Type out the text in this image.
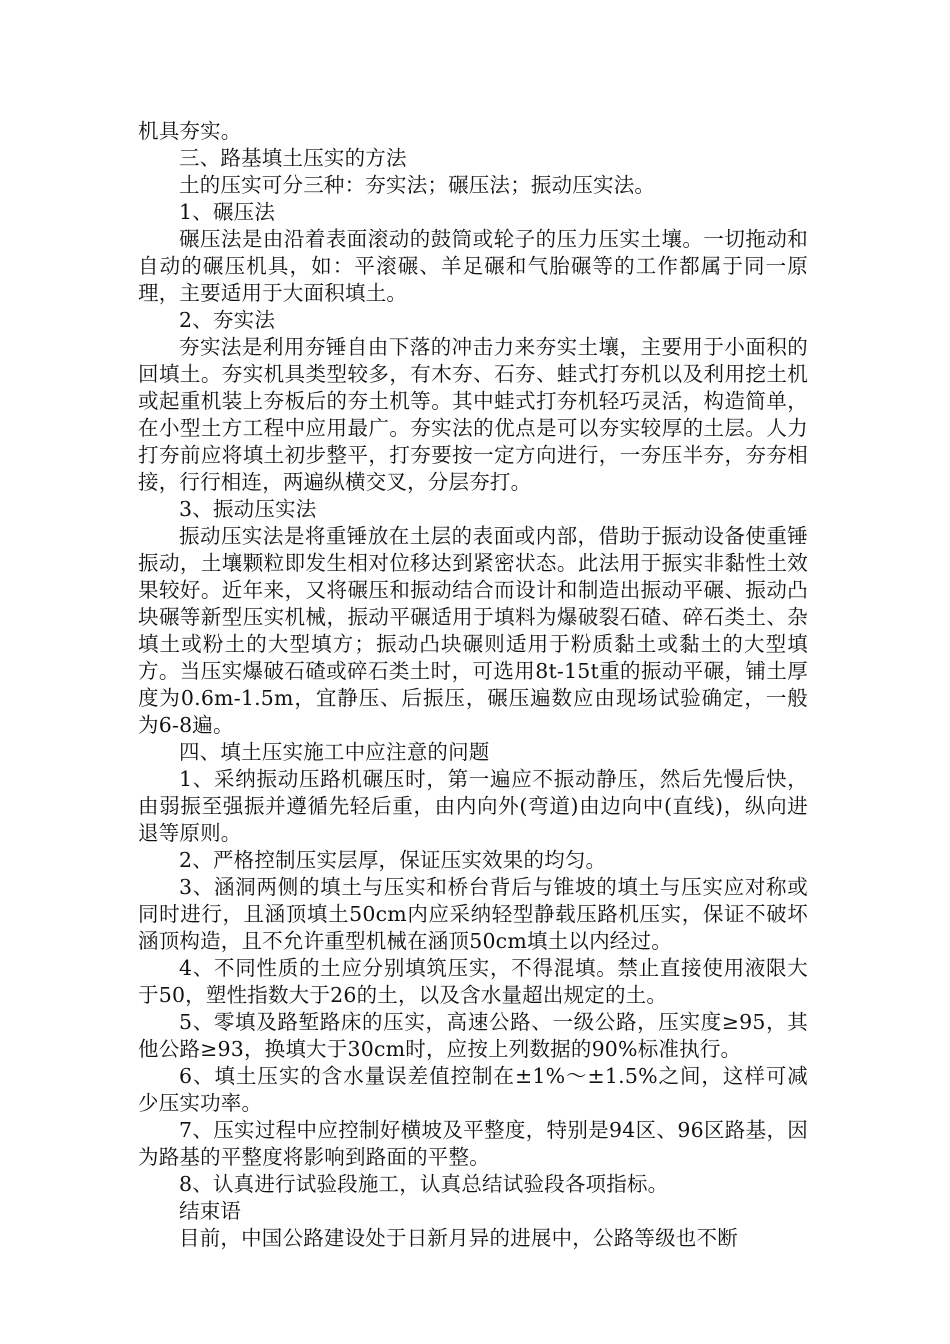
机具夯实。

三、路基填土压实的方法

土的压实可分三种：夯实法；碾压法；振动压实法。

1、碾压法

碾压法是由沿着表面滚动的鼓筒或轮子的压力压实土壤。一切拖动和自动的碾压机具，如：平滚碾、羊足碾和气胎碾等的工作都属于同一原理，主要适用于大面积填土。

2、夯实法

夯实法是利用夯锤自由下落的冲击力来夯实土壤，主要用于小面积的回填土。夯实机具类型较多，有木夯、石夯、蛙式打夯机以及利用挖土机或起重机装上夯板后的夯土机等。其中蛙式打夯机轻巧灵活，构造简单，在小型土方工程中应用最广。夯实法的优点是可以夯实较厚的土层。人力打夯前应将填土初步整平，打夯要按一定方向进行，一夯压半夯，夯夯相接，行行相连，两遍纵横交叉，分层夯打。

3、振动压实法

振动压实法是将重锤放在土层的表面或内部，借助于振动设备使重锤振动，土壤颗粒即发生相对位移达到紧密状态。此法用于振实非黏性土效果较好。近年来，又将碾压和振动结合而设计和制造出振动平碾、振动凸块碾等新型压实机械，振动平碾适用于填料为爆破裂石碴、碎石类土、杂填土或粉土的大型填方；振动凸块碾则适用于粉质黏土或黏土的大型填方。当压实爆破石碴或碎石类土时，可选用8t-15t重的振动平碾，铺土厚度为0.6m-1.5m，宜静压、后振压，碾压遍数应由现场试验确定，一般为6-8遍。

四、填土压实施工中应注意的问题

1、采纳振动压路机碾压时，第一遍应不振动静压，然后先慢后快，由弱振至强振并遵循先轻后重，由内向外(弯道)由边向中(直线)，纵向进退等原则。

2、严格控制压实层厚，保证压实效果的均匀。

3、涵洞两侧的填土与压实和桥台背后与锥坡的填土与压实应对称或同时进行，且涵顶填土50cm内应采纳轻型静载压路机压实，保证不破坏涵顶构造，且不允许重型机械在涵顶50cm填土以内经过。

4、不同性质的土应分别填筑压实，不得混填。禁止直接使用液限大于50，塑性指数大于26的土，以及含水量超出规定的土。

5、零填及路堑路床的压实，高速公路、一级公路，压实度≥95，其他公路≥93，换填大于30cm时，应按上列数据的90%标准执行。

6、填土压实的含水量误差值控制在±1%～±1.5%之间，这样可减少压实功率。

7、压实过程中应控制好横坡及平整度，特别是94区、96区路基，因为路基的平整度将影响到路面的平整。

8、认真进行试验段施工，认真总结试验段各项指标。

结束语

目前，中国公路建设处于日新月异的进展中，公路等级也不断
